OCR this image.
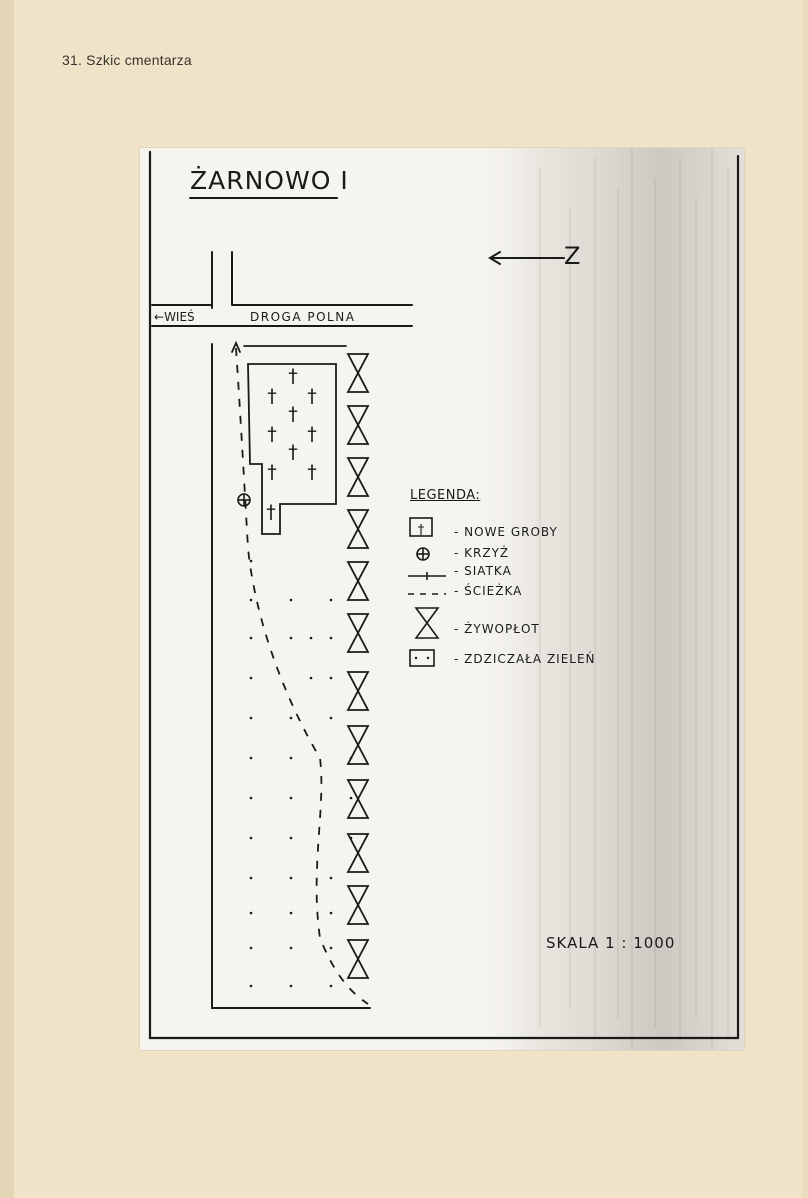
31. Szkic cmentarza
†
† †
†
† †
†
† †
†
†
ŻARNOWO I
Z
←WIEŚ	DROGA POLNA
LEGENDA:
- NOWE GROBY
- KRZYŻ
- SIATKA
- ŚCIEŻKA
- ŻYWOPŁOT
- ZDZICZAŁA ZIELEŃ
SKALA 1 : 1000
